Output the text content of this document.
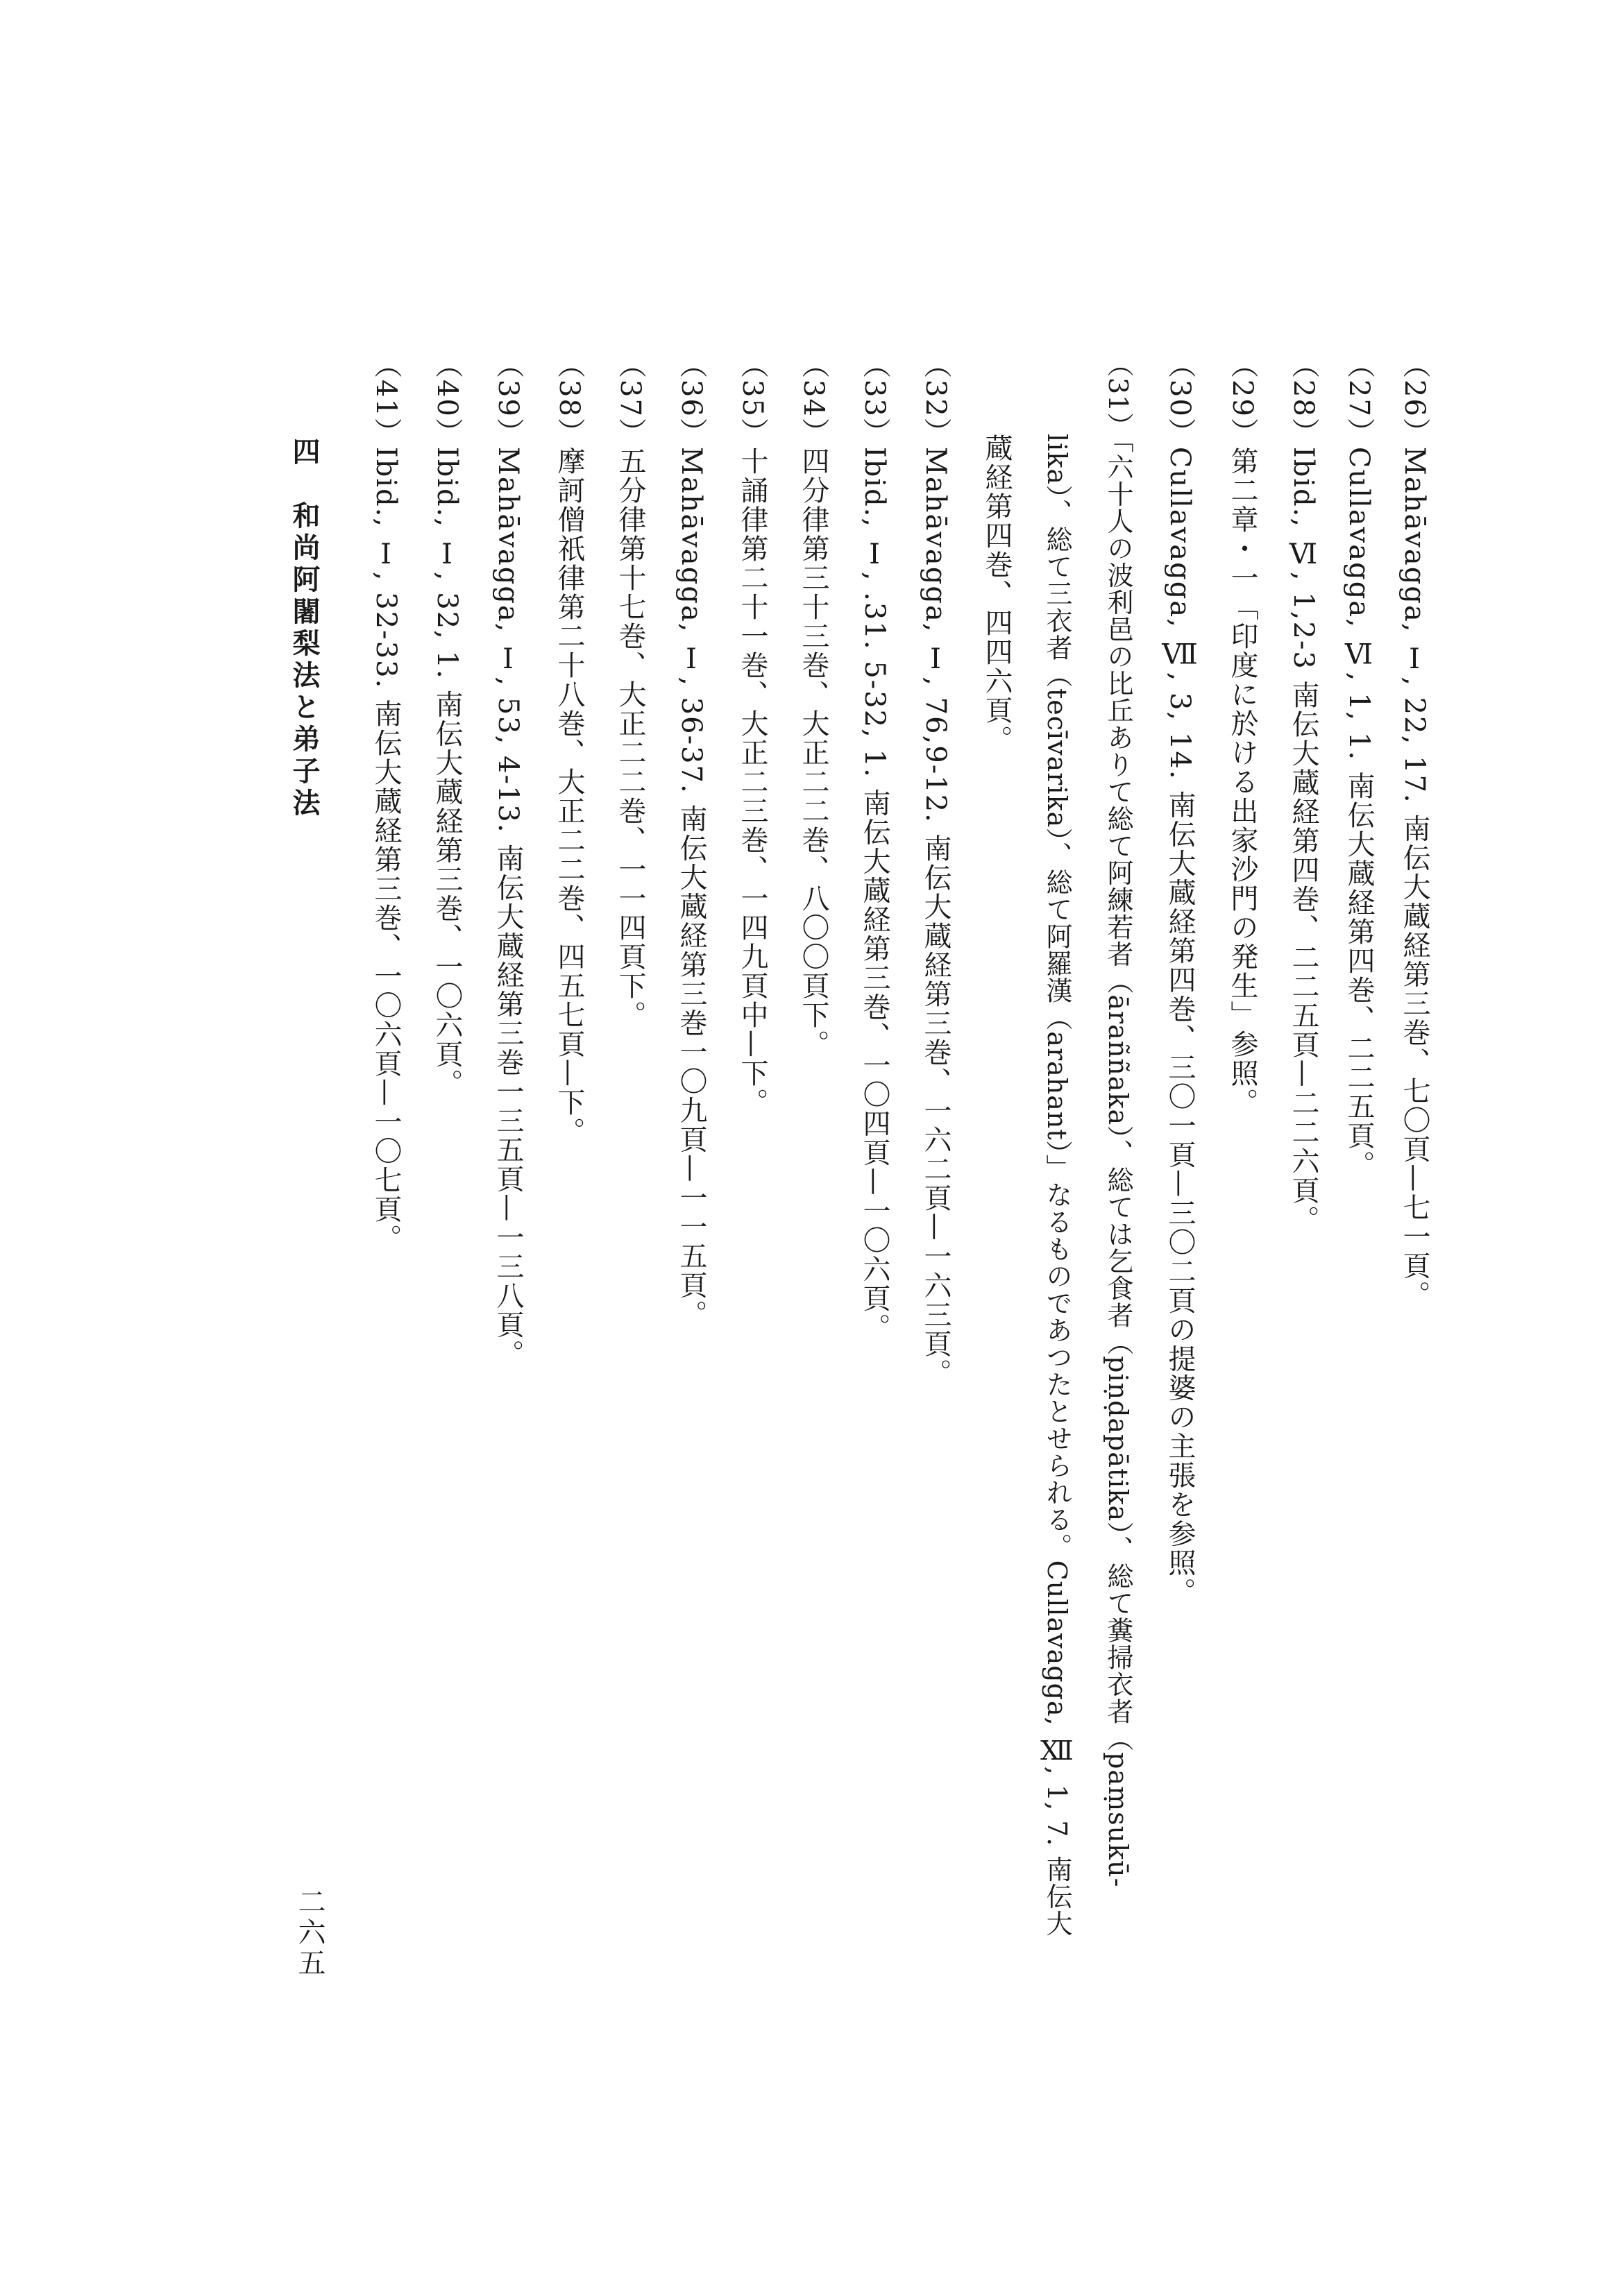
（26）Mahāvagga, Ⅰ, 22, 17. 南伝大蔵経第三巻、七〇頁—七一頁。
（27）Cullavagga, Ⅵ, 1, 1. 南伝大蔵経第四巻、二二五頁。
（28）Ibid., Ⅵ, 1,2-3 南伝大蔵経第四巻、二二五頁—二二六頁。
（29）第二章・一「印度に於ける出家沙門の発生」参照。
（30）Cullavagga, Ⅶ, 3, 14. 南伝大蔵経第四巻、三〇一頁—三〇二頁の提婆の主張を参照。
（31）「六十人の波利邑の比丘ありて総て阿練若者（āraññaka）、総ては乞食者（piṇḍapātika）、総て糞掃衣者（paṃsukū-
lika）、総て三衣者（tecīvarika）、総て阿羅漢（arahant）」なるものであつたとせられる。Cullavagga, Ⅻ, 1, 7. 南伝大
蔵経第四巻、四四六頁。
（32）Mahāvagga, Ⅰ, 76,9-12. 南伝大蔵経第三巻、一六二頁—一六三頁。
（33）Ibid., Ⅰ, .31. 5-32, 1. 南伝大蔵経第三巻、一〇四頁—一〇六頁。
（34）四分律第三十三巻、大正二二巻、八〇〇頁下。
（35）十誦律第二十一巻、大正二三巻、一四九頁中—下。
（36）Mahāvagga, Ⅰ, 36-37. 南伝大蔵経第三巻一〇九頁—一一五頁。
（37）五分律第十七巻、大正二二巻、一一四頁下。
（38）摩訶僧祇律第二十八巻、大正二二巻、四五七頁—下。
（39）Mahāvagga, Ⅰ, 53, 4-13. 南伝大蔵経第三巻一三五頁—一三八頁。
（40）Ibid., Ⅰ, 32, 1. 南伝大蔵経第三巻、一〇六頁。
（41）Ibid., Ⅰ, 32-33. 南伝大蔵経第三巻、一〇六頁—一〇七頁。
四　和尚阿闍梨法と弟子法
二六五
